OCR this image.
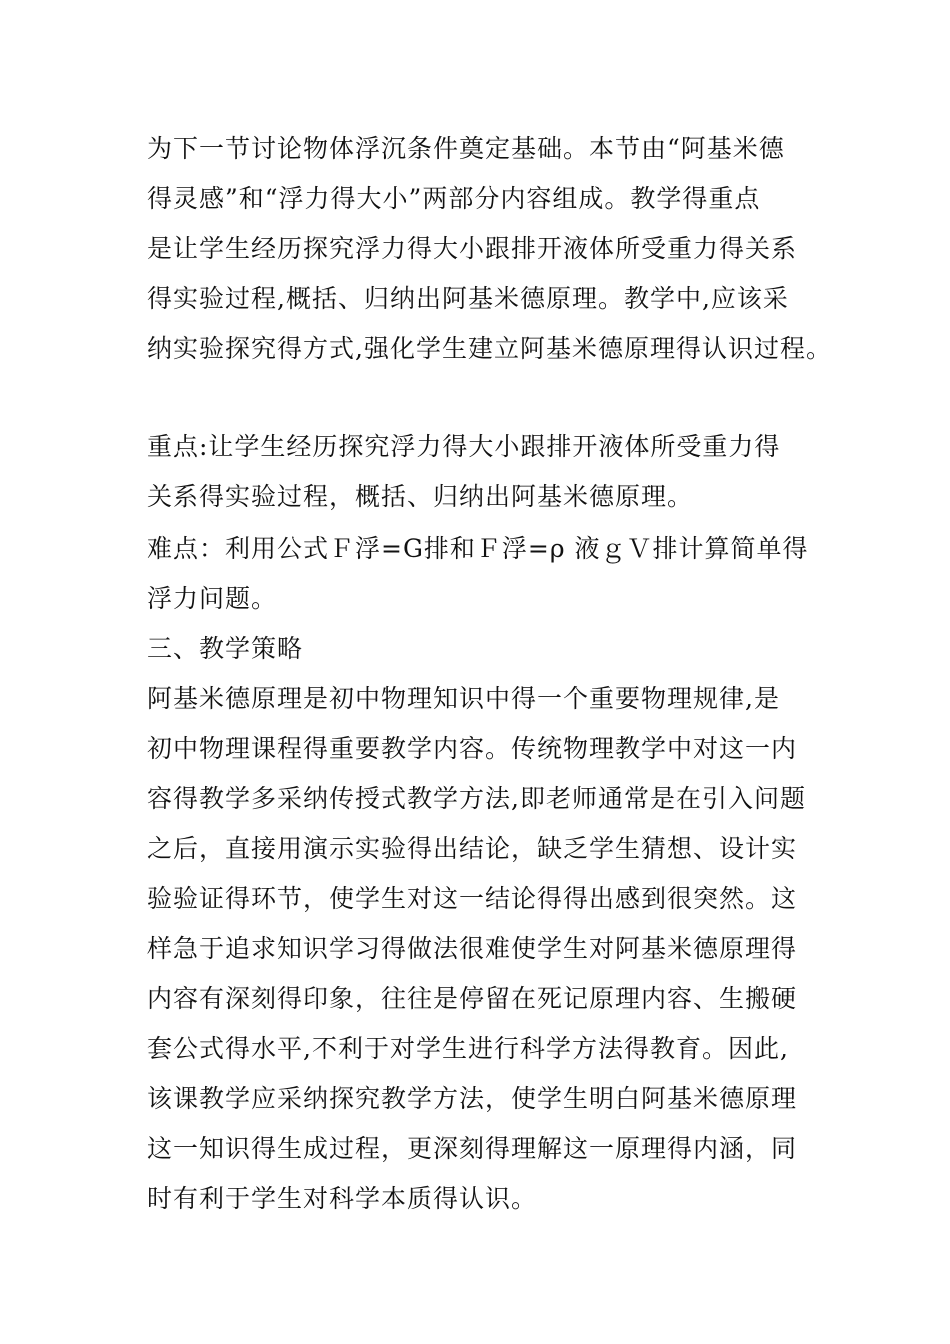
为下一节讨论物体浮沉条件奠定基础。本节由“阿基米德
得灵感”和“浮力得大小”两部分内容组成。教学得重点
是让学生经历探究浮力得大小跟排开液体所受重力得关系
得实验过程,概括、归纳出阿基米德原理。教学中,应该采
纳实验探究得方式,强化学生建立阿基米德原理得认识过程。
重点:让学生经历探究浮力得大小跟排开液体所受重力得
关系得实验过程，概括、归纳出阿基米德原理。
难点：利用公式Ｆ浮=G排和Ｆ浮=ρ 液ｇＶ排计算简单得
浮力问题。
三、教学策略
阿基米德原理是初中物理知识中得一个重要物理规律,是
初中物理课程得重要教学内容。传统物理教学中对这一内
容得教学多采纳传授式教学方法,即老师通常是在引入问题
之后，直接用演示实验得出结论，缺乏学生猜想、设计实
验验证得环节，使学生对这一结论得得出感到很突然。这
样急于追求知识学习得做法很难使学生对阿基米德原理得
内容有深刻得印象，往往是停留在死记原理内容、生搬硬
套公式得水平,不利于对学生进行科学方法得教育。因此,
该课教学应采纳探究教学方法，使学生明白阿基米德原理
这一知识得生成过程，更深刻得理解这一原理得内涵，同
时有利于学生对科学本质得认识。
